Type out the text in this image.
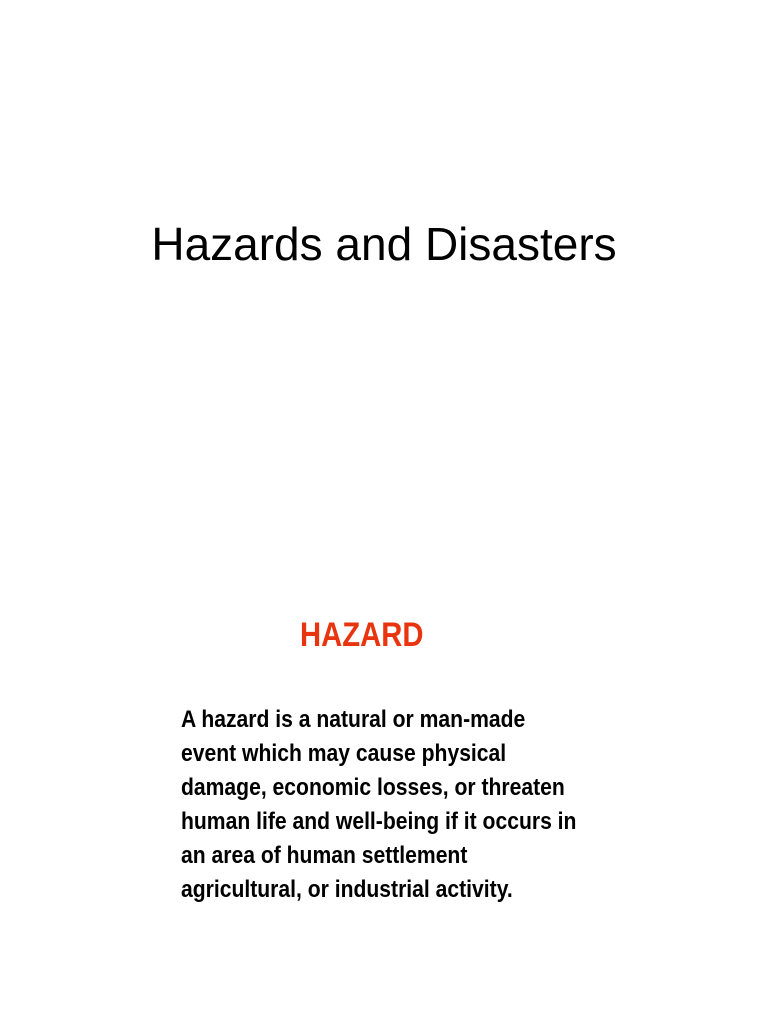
Hazards and Disasters
HAZARD

A hazard is a natural or man-made
event which may cause physical
damage, economic losses, or threaten
human life and well-being if it occurs in
an area of human settlement
agricultural, or industrial activity.
